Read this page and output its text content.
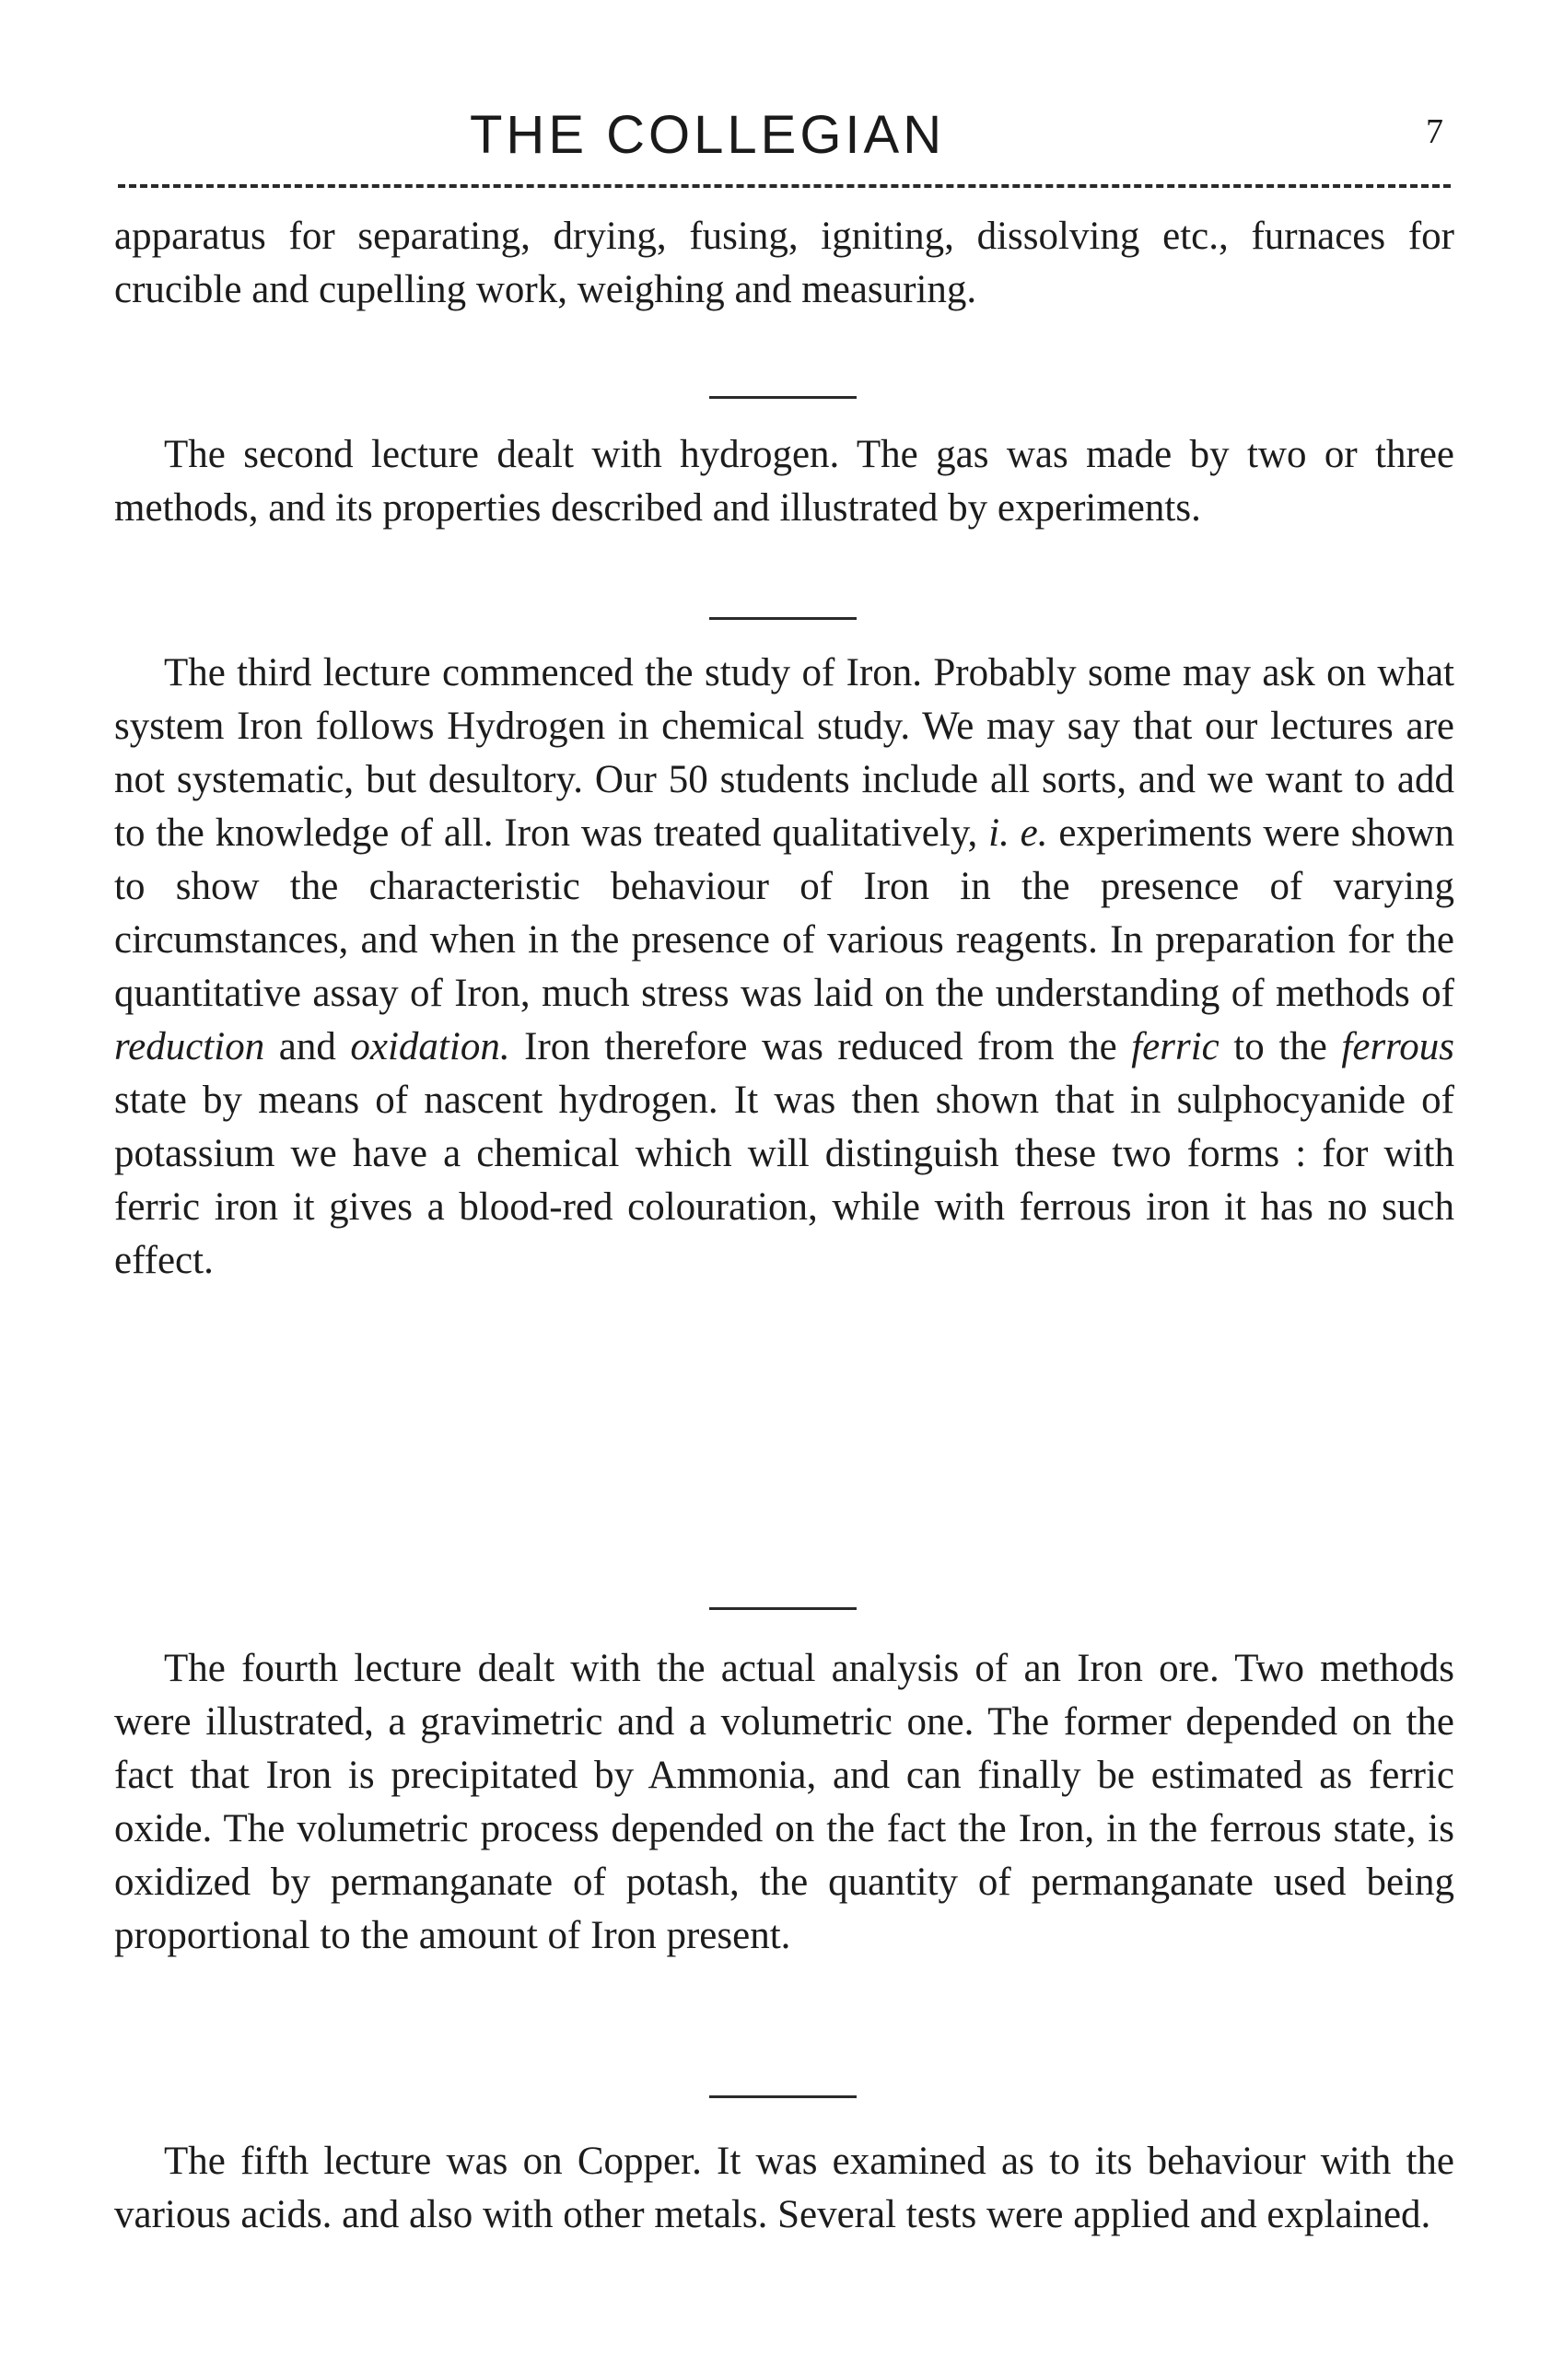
THE COLLEGIAN	7

apparatus for separating, drying, fusing, igniting, dissolving etc., furnaces for crucible and cupelling work, weighing and measuring.

The second lecture dealt with hydrogen. The gas was made by two or three methods, and its properties described and illustrated by experiments.

The third lecture commenced the study of Iron. Probably some may ask on what system Iron follows Hydrogen in chemical study. We may say that our lectures are not systematic, but desultory. Our 50 students include all sorts, and we want to add to the knowledge of all. Iron was treated qualitatively, i. e. experiments were shown to show the characteristic behaviour of Iron in the presence of varying circumstances, and when in the presence of various reagents. In preparation for the quantitative assay of Iron, much stress was laid on the understanding of methods of reduction and oxidation. Iron therefore was reduced from the ferric to the ferrous state by means of nascent hydrogen. It was then shown that in sulphocyanide of potassium we have a chemical which will distinguish these two forms : for with ferric iron it gives a blood-red colouration, while with ferrous iron it has no such effect.

The fourth lecture dealt with the actual analysis of an Iron ore. Two methods were illustrated, a gravimetric and a volumetric one. The former depended on the fact that Iron is precipitated by Ammonia, and can finally be estimated as ferric oxide. The volumetric process depended on the fact the Iron, in the ferrous state, is oxidized by permanganate of potash, the quantity of permanganate used being proportional to the amount of Iron present.

The fifth lecture was on Copper. It was examined as to its behaviour with the various acids. and also with other metals. Several tests were applied and explained.
